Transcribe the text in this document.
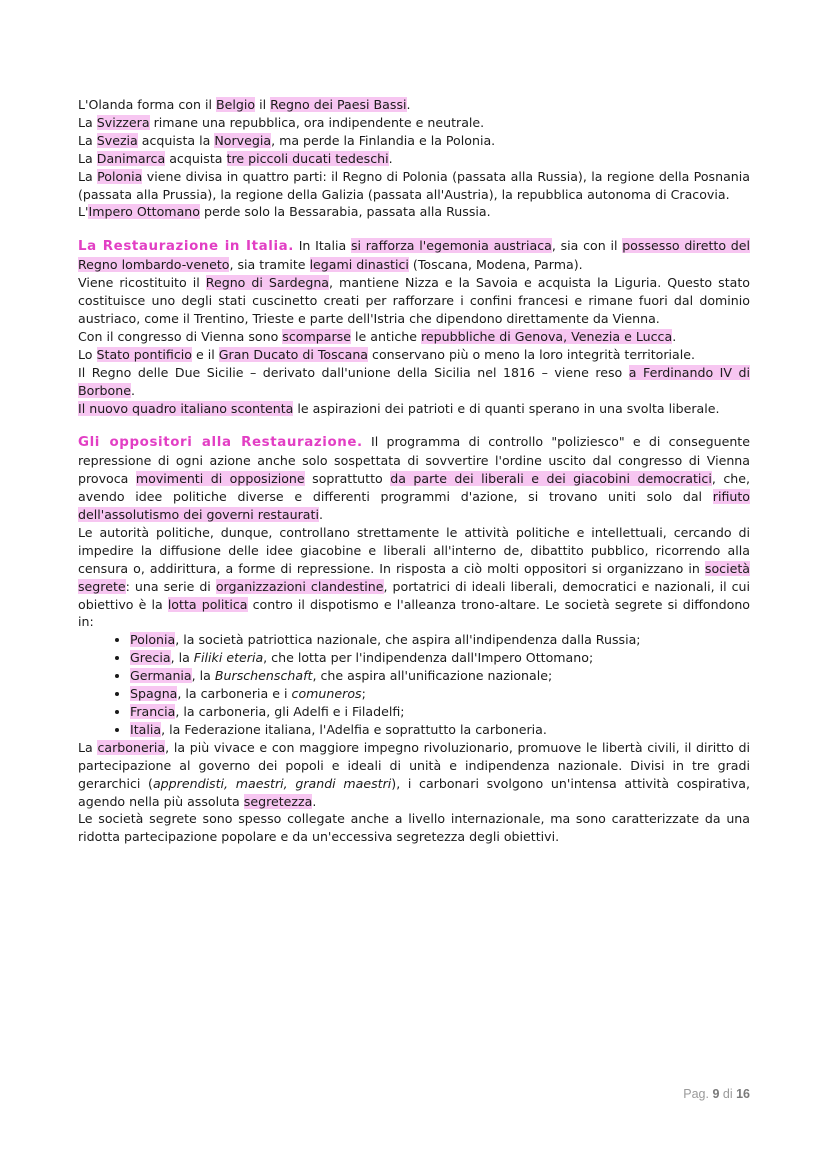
L'Olanda forma con il Belgio il Regno dei Paesi Bassi.

La Svizzera rimane una repubblica, ora indipendente e neutrale.

La Svezia acquista la Norvegia, ma perde la Finlandia e la Polonia.

La Danimarca acquista tre piccoli ducati tedeschi.

La Polonia viene divisa in quattro parti: il Regno di Polonia (passata alla Russia), la regione della Posnania (passata alla Prussia), la regione della Galizia (passata all'Austria), la repubblica autonoma di Cracovia.

L'Impero Ottomano perde solo la Bessarabia, passata alla Russia.

La Restaurazione in Italia. In Italia si rafforza l'egemonia austriaca, sia con il possesso diretto del Regno lombardo-veneto, sia tramite legami dinastici (Toscana, Modena, Parma).

Viene ricostituito il Regno di Sardegna, mantiene Nizza e la Savoia e acquista la Liguria. Questo stato costituisce uno degli stati cuscinetto creati per rafforzare i confini francesi e rimane fuori dal dominio austriaco, come il Trentino, Trieste e parte dell'Istria che dipendono direttamente da Vienna.

Con il congresso di Vienna sono scomparse le antiche repubbliche di Genova, Venezia e Lucca.

Lo Stato pontificio e il Gran Ducato di Toscana conservano più o meno la loro integrità territoriale.

Il Regno delle Due Sicilie – derivato dall'unione della Sicilia nel 1816 – viene reso a Ferdinando IV di Borbone.

Il nuovo quadro italiano scontenta le aspirazioni dei patrioti e di quanti sperano in una svolta liberale.

Gli oppositori alla Restaurazione. Il programma di controllo "poliziesco" e di conseguente repressione di ogni azione anche solo sospettata di sovvertire l'ordine uscito dal congresso di Vienna provoca movimenti di opposizione soprattutto da parte dei liberali e dei giacobini democratici, che, avendo idee politiche diverse e differenti programmi d'azione, si trovano uniti solo dal rifiuto dell'assolutismo dei governi restaurati.

Le autorità politiche, dunque, controllano strettamente le attività politiche e intellettuali, cercando di impedire la diffusione delle idee giacobine e liberali all'interno de, dibattito pubblico, ricorrendo alla censura o, addirittura, a forme di repressione. In risposta a ciò molti oppositori si organizzano in società segrete: una serie di organizzazioni clandestine, portatrici di ideali liberali, democratici e nazionali, il cui obiettivo è la lotta politica contro il dispotismo e l'alleanza trono-altare. Le società segrete si diffondono in:

• Polonia, la società patriottica nazionale, che aspira all'indipendenza dalla Russia;
• Grecia, la Filiki eteria, che lotta per l'indipendenza dall'Impero Ottomano;
• Germania, la Burschenschaft, che aspira all'unificazione nazionale;
• Spagna, la carboneria e i comuneros;
• Francia, la carboneria, gli Adelfi e i Filadelfi;
• Italia, la Federazione italiana, l'Adelfia e soprattutto la carboneria.

La carboneria, la più vivace e con maggiore impegno rivoluzionario, promuove le libertà civili, il diritto di partecipazione al governo dei popoli e ideali di unità e indipendenza nazionale. Divisi in tre gradi gerarchici (apprendisti, maestri, grandi maestri), i carbonari svolgono un'intensa attività cospirativa, agendo nella più assoluta segretezza.

Le società segrete sono spesso collegate anche a livello internazionale, ma sono caratterizzate da una ridotta partecipazione popolare e da un'eccessiva segretezza degli obiettivi.

Pag. 9 di 16
